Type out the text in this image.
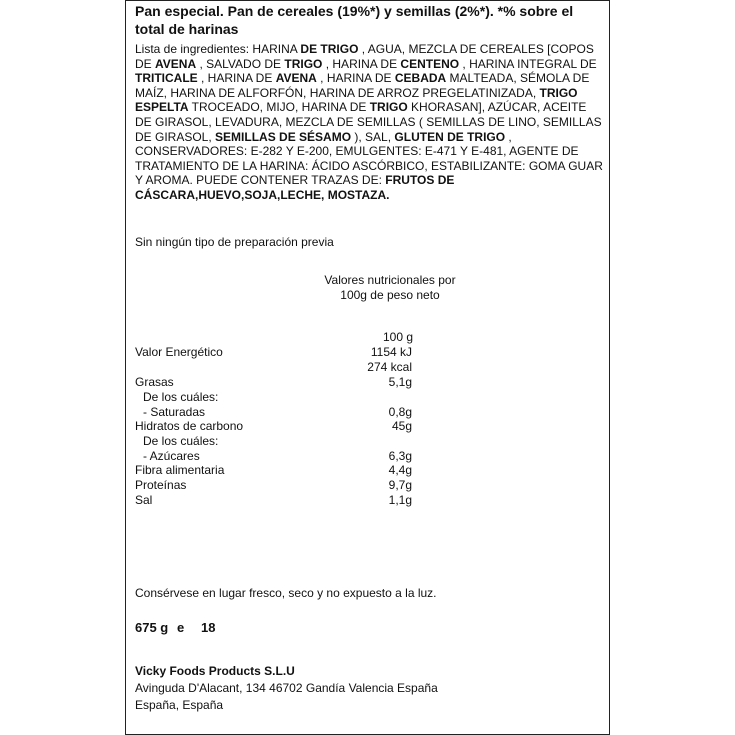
Pan especial. Pan de cereales (19%*) y semillas (2%*). *% sobre el total de harinas
Lista de ingredientes: HARINA DE TRIGO , AGUA, MEZCLA DE CEREALES [COPOS DE AVENA , SALVADO DE TRIGO , HARINA DE CENTENO , HARINA INTEGRAL DE TRITICALE , HARINA DE AVENA , HARINA DE CEBADA MALTEADA, SÉMOLA DE MAÍZ, HARINA DE ALFORFÓN, HARINA DE ARROZ PREGELATINIZADA, TRIGO ESPELTA TROCEADO, MIJO, HARINA DE TRIGO KHORASAN], AZÚCAR, ACEITE DE GIRASOL, LEVADURA, MEZCLA DE SEMILLAS ( SEMILLAS DE LINO, SEMILLAS DE GIRASOL, SEMILLAS DE SÉSAMO ), SAL, GLUTEN DE TRIGO , CONSERVADORES: E-282 Y E-200, EMULGENTES: E-471 Y E-481, AGENTE DE TRATAMIENTO DE LA HARINA: ÁCIDO ASCÓRBICO, ESTABILIZANTE: GOMA GUAR Y AROMA. PUEDE CONTENER TRAZAS DE: FRUTOS DE CÁSCARA,HUEVO,SOJA,LECHE, MOSTAZA.
Sin ningún tipo de preparación previa
Valores nutricionales por
100g de peso neto
100 g
Valor Energético	1154 kJ
274 kcal
Grasas	5,1g
De los cuáles:
- Saturadas	0,8g
Hidratos de carbono	45g
De los cuáles:
- Azúcares	6,3g
Fibra alimentaria	4,4g
Proteínas	9,7g
Sal	1,1g
Consérvese en lugar fresco, seco y no expuesto a la luz.
675 g e 18
Vicky Foods Products S.L.U
Avinguda D'Alacant, 134 46702 Gandía Valencia España
España, España
